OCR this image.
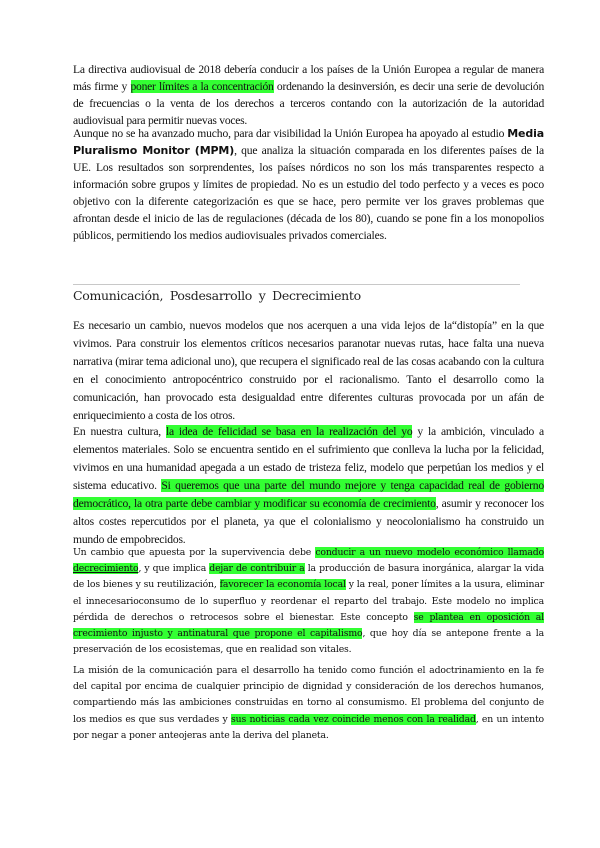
La directiva audiovisual de 2018 debería conducir a los países de la Unión Europea a regular de manera más firme y poner límites a la concentración ordenando la desinversión, es decir una serie de devolución de frecuencias o la venta de los derechos a terceros contando con la autorización de la autoridad audiovisual para permitir nuevas voces.

Aunque no se ha avanzado mucho, para dar visibilidad la Unión Europea ha apoyado al estudio Media Pluralismo Monitor (MPM), que analiza la situación comparada en los diferentes países de la UE. Los resultados son sorprendentes, los países nórdicos no son los más transparentes respecto a información sobre grupos y límites de propiedad. No es un estudio del todo perfecto y a veces es poco objetivo con la diferente categorización es que se hace, pero permite ver los graves problemas que afrontan desde el inicio de las de regulaciones (década de los 80), cuando se pone fin a los monopolios públicos, permitiendo los medios audiovisuales privados comerciales.

Comunicación, Posdesarrollo y Decrecimiento

Es necesario un cambio, nuevos modelos que nos acerquen a una vida lejos de la“distopía” en la que vivimos. Para construir los elementos críticos necesarios paranotar nuevas rutas, hace falta una nueva narrativa (mirar tema adicional uno), que recupera el significado real de las cosas acabando con la cultura en el conocimiento antropocéntrico construido por el racionalismo. Tanto el desarrollo como la comunicación, han provocado esta desigualdad entre diferentes culturas provocada por un afán de enriquecimiento a costa de los otros.

En nuestra cultura, la idea de felicidad se basa en la realización del yo y la ambición, vinculado a elementos materiales. Solo se encuentra sentido en el sufrimiento que conlleva la lucha por la felicidad, vivimos en una humanidad apegada a un estado de tristeza feliz, modelo que perpetúan los medios y el sistema educativo. Si queremos que una parte del mundo mejore y tenga capacidad real de gobierno democrático, la otra parte debe cambiar y modificar su economía de crecimiento, asumir y reconocer los altos costes repercutidos por el planeta, ya que el colonialismo y neocolonialismo ha construido un mundo de empobrecidos.

Un cambio que apuesta por la supervivencia debe conducir a un nuevo modelo económico llamado decrecimiento, y que implica dejar de contribuir a la producción de basura inorgánica, alargar la vida de los bienes y su reutilización, favorecer la economía local y la real, poner límites a la usura, eliminar el innecesarioconsumo de lo superfluo y reordenar el reparto del trabajo. Este modelo no implica pérdida de derechos o retrocesos sobre el bienestar. Este concepto se plantea en oposición al crecimiento injusto y antinatural que propone el capitalismo, que hoy día se antepone frente a la preservación de los ecosistemas, que en realidad son vitales.

La misión de la comunicación para el desarrollo ha tenido como función el adoctrinamiento en la fe del capital por encima de cualquier principio de dignidad y consideración de los derechos humanos, compartiendo más las ambiciones construidas en torno al consumismo. El problema del conjunto de los medios es que sus verdades y sus noticias cada vez coincide menos con la realidad, en un intento por negar a poner anteojeras ante la deriva del planeta.
